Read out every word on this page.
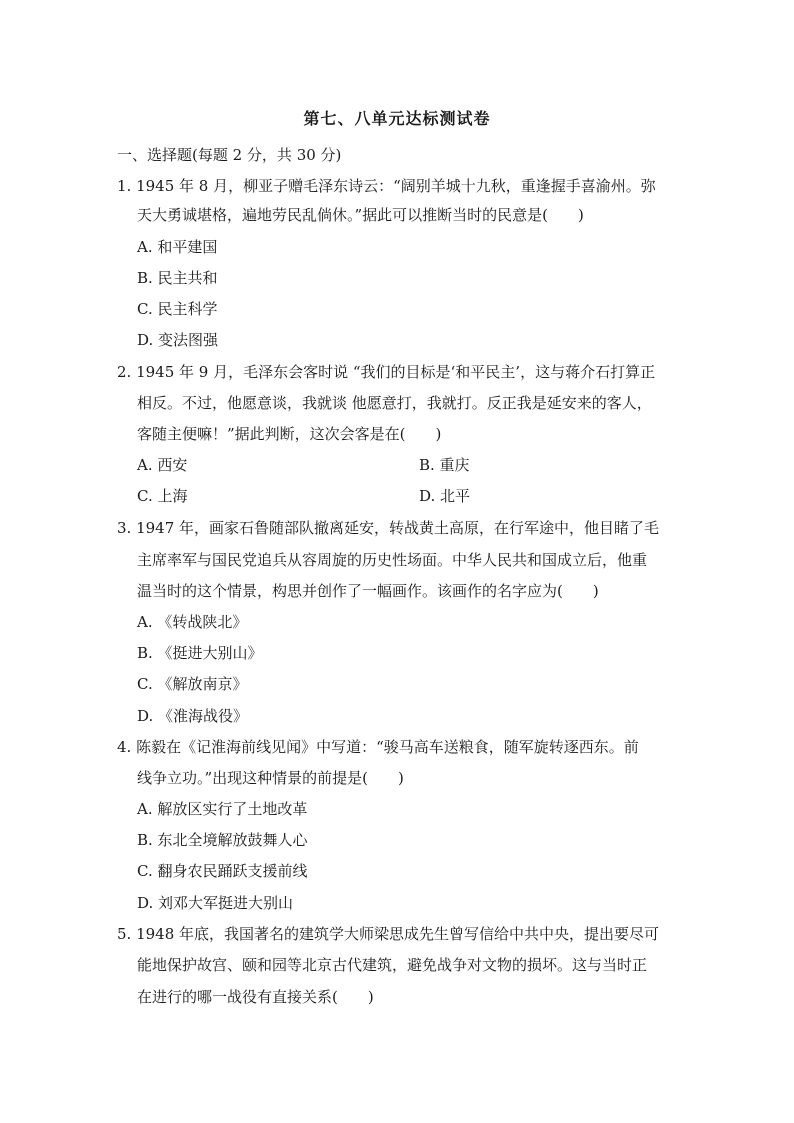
第七、八单元达标测试卷
一、选择题(每题 2 分，共 30 分)
1. 1945 年 8 月，柳亚子赠毛泽东诗云：“阔别羊城十九秋，重逢握手喜渝州。弥
天大勇诚堪格，遍地劳民乱倘休。”据此可以推断当时的民意是(　　)
A. 和平建国
B. 民主共和
C. 民主科学
D. 变法图强
2. 1945 年 9 月，毛泽东会客时说 “我们的目标是‘和平民主’，这与蒋介石打算正
相反。不过，他愿意谈，我就谈 他愿意打，我就打。反正我是延安来的客人，
客随主便嘛！”据此判断，这次会客是在(　　)
A. 西安	B. 重庆
C. 上海	D. 北平
3. 1947 年，画家石鲁随部队撤离延安，转战黄土高原，在行军途中，他目睹了毛
主席率军与国民党追兵从容周旋的历史性场面。中华人民共和国成立后，他重
温当时的这个情景，构思并创作了一幅画作。该画作的名字应为(　　)
A. 《转战陕北》
B. 《挺进大别山》
C. 《解放南京》
D. 《淮海战役》
4. 陈毅在《记淮海前线见闻》中写道：“骏马高车送粮食，随军旋转逐西东。前
线争立功。”出现这种情景的前提是(　　)
A. 解放区实行了土地改革
B. 东北全境解放鼓舞人心
C. 翻身农民踊跃支援前线
D. 刘邓大军挺进大别山
5. 1948 年底，我国著名的建筑学大师梁思成先生曾写信给中共中央，提出要尽可
能地保护故宫、颐和园等北京古代建筑，避免战争对文物的损坏。这与当时正
在进行的哪一战役有直接关系(　　)
